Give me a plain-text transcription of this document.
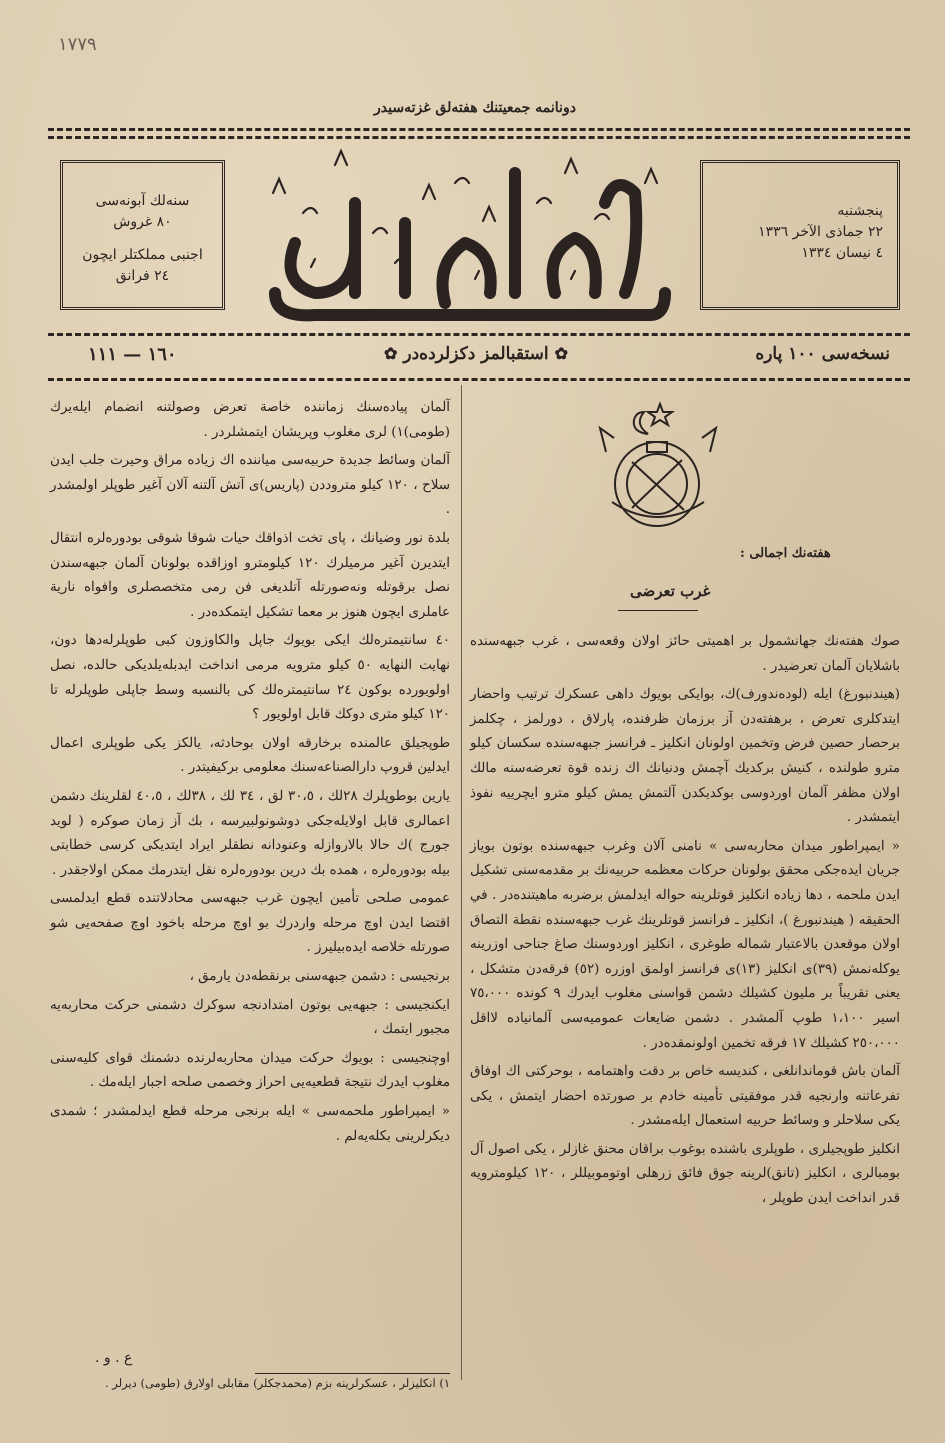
١٧٧٩
دونانمە جمعيتنك هفتەلق غزتەسيدر
دونانمە
سنەلك آبونەسى
٨٠ غروش
اجنبى مملكتلر ايچون
٢٤ فرانق
پنجشنبە
٢٢ جماذى الآخر ١٣٣٦
٤ نيسان ١٣٣٤
نسخەسى ١٠٠ پارە
✿استقبالمز دكزلردەدر✿
١٦٠ — ١١١
هفتەنك اجمالى :
غرب تعرضى

صوك هفتەنك جهانشمول بر اهميتى حائز اولان وقعەسى ، غرب جبهەسندە باشلايان آلمان تعرضيدر .

(هيندنبورغ) ايلە (لودەندورف)ك، بوايكى بويوك داهى عسكرك ترتيب واحضار ايتدكلرى تعرض ، برهفتەدن آز برزمان ظرفندە، پارلاق ، دورلمز ، چكلمز برحصار حصين فرض وتخمين اولونان انكليز ـ فرانسز جبهەسندە سكسان كيلو مترو طولندە ، كنيش بركديك آچمش ودنيانك اك زندە قوة تعرضەسنە مالك اولان مظفر آلمان اوردوسى بوكديكدن آلتمش يمش كيلو مترو ايچرييە نفوذ ايتمشدر .

« ايمپراطور ميدان محاربەسى » نامنى آلان وغرب جبهەسندە بوتون بوياز جريان ايدەجكى محقق بولونان حركات معظمە حربيەنك بر مقدمەسنى تشكيل ايدن ملحمە ، دها زيادە انكليز قوتلرينە حوالە ايدلمش برضربە ماهيتندەدر . في الحقيقە ( هيندنبورغ )، انكليز ـ فرانسز قوتلرينك غرب جبهەسندە نقطة التصاق اولان موقعدن بالاعتبار شمالە طوغرى ، انكليز اوردوسنك صاغ جناحى اوزرينە يوكلەنمش (٣٩)ى انكليز (١٣)ى فرانسز اولمق اوزرە (٥٢) فرقەدن متشكل ، يعنى تقريباً بر مليون كشيلك دشمن قواسنى مغلوب ايدرك ٩ كونده ٧٥،٠٠٠ اسير ١،١٠٠ طوپ آلمشدر . دشمن ضايعات عموميەسى آلمانيادە لااقل ٢٥٠،٠٠٠ كشيلك ١٧ فرقە تخمين اولونمقدەدر .

آلمان باش قوماندانلغى ، كنديسە خاص بر دقت واهتمامە ، بوحركتى اك اوفاق تفرعاتنە وارنجيە قدر موفقيتى تأمينە خادم بر صورتدە احضار ايتمش ، يكى يكى سلاحلر و وسائط حربيە استعمال ايلەمشدر .

انكليز طوپجيلرى ، طوپلرى باشندە بوغوب براقان محنق غازلر ، يكى اصول آل بومبالرى ، انكليز (تانق)لرينە جوق فائق زرهلى اوتوموبيللر ، ١٢٠ كيلومترويە قدر انداخت ايدن طوپلر ،

آلمان پيادەسنك زماننده خاصة تعرض وصولتنە انضمام ايلەيرك (طومى)١) لرى مغلوب وپريشان ايتمشلردر .

آلمان وسائط جديدة حربيەسى ميانندە اك زيادە مراق وحيرت جلب ايدن سلاح ، ١٢٠ كيلو متروددن (پاريس)ى آتش آلتنە آلان آغير طوپلر اولمشدر .

بلدة نور وضيانك ، پاى تخت اذواقك حيات شوقا شوقى بودورەلرە انتقال ايتديرن آغير مرميلرك ١٢٠ كيلومترو اوزاقدە بولونان آلمان جبهەسندن نصل برقوتلە ونەصورتلە آتلديغى فن رمى متخصصلرى وافواه نارية عاملرى ايچون هنوز بر معما تشكيل ايتمكدەدر .

٤٠ سانتيمترەلك ايكى بويوك جاپل والكاوزون كبى طوپلرلەدها دون، نهايت النهايە ٥٠ كيلو مترويە مرمى انداخت ايدبلەيلديكى حالدە، نصل اولويوردە بوكون ٢٤ سانتيمترەلك كى بالنسبە وسط جاپلى طوپلرلە تا ١٢٠ كيلو مترى دوكك قابل اولويور ؟

طوپجيلق عالمندە برخارقە اولان بوحادثە، يالكز يكى طوپلرى اعمال ايدلين قروپ دارالصناعەسنك معلومى بركيفيتدر .

يارين بوطوپلرك ٢٨لك ، ٣٠،٥ لق ، ٣٤ لك ، ٣٨لك ، ٤٠،٥ لقلرينك دشمن اعمالرى قابل اولايلەجكى دوشونولبيرسە ، بك آز زمان صوكرە ( لويد جورج )ك حالا بالاروازلە وعنودانە نطقلر ايراد ايتديكى كرسى خطابتى بيلە بودورەلرە ، همدە بك درين بودورەلرە نقل ايتدرمك ممكن اولاجقدر .

عمومى صلحى تأمين ايچون غرب جبهەسى محادلاتندە قطع ايدلمسى اقتضا ايدن اوچ مرحلە واردرك بو اوچ مرحلە باخود اوچ صفحەيى شو صورتلە خلاصە ايدەبيليرز .

برنجيسى : دشمن جبهەسنى برنقطەدن يارمق ،

ايكنجيسى : جبهەيى بوتون امتدادنجە سوكرك دشمنى حركت محاربەيە مجبور ايتمك ،

اوچنجيسى : بويوك حركت ميدان محاربەلرندە دشمنك قواى كليەسنى مغلوب ايدرك نتيجة قطعيەيى احراز وخصمى صلحە اجبار ايلەمك .

« ايمپراطور ملحمەسى » ايلە برنجى مرحلە قطع ايدلمشدر ؛ شمدى ديكرلرينى بكلەيەلم .

ع . و .
١) انكليزلر ، عسكرلرينە بزم (محمدجكلر) مقابلى اولارق (طومى) ديرلر .
